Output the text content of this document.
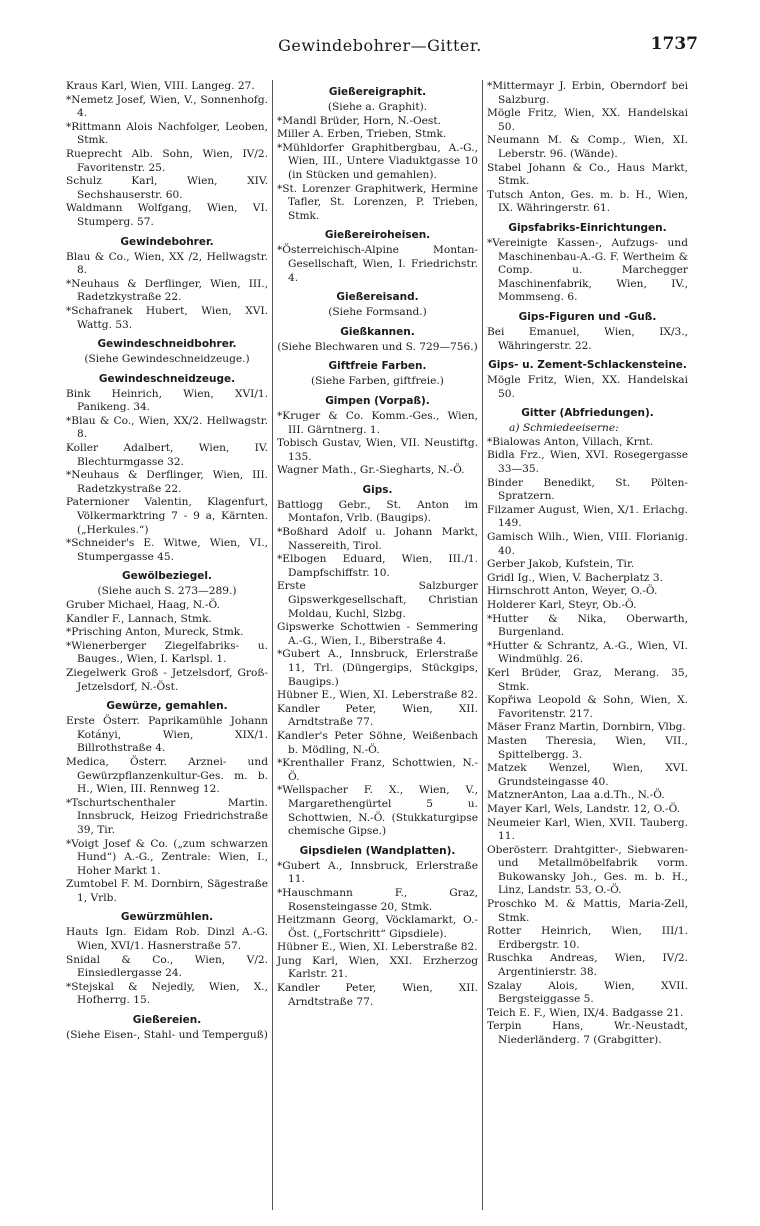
Gewindebohrer—Gitter.	1737
Kraus Karl, Wien, VIII. Langeg. 27.
*Nemetz Josef, Wien, V., Sonnenhofg. 4.
*Rittmann Alois Nachfolger, Leoben, Stmk.
Rueprecht Alb. Sohn, Wien, IV/2. Favoritenstr. 25.
Schulz Karl, Wien, XIV. Sechshauserstr. 60.
Waldmann Wolfgang, Wien, VI. Stumperg. 57.
Gewindebohrer.
Blau & Co., Wien, XX /2, Hellwagstr. 8.
*Neuhaus & Derflinger, Wien, III., Radetzkystraße 22.
*Schafranek Hubert, Wien, XVI. Wattg. 53.
Gewindeschneidbohrer.
(Siehe Gewindeschneidzeuge.)
Gewindeschneidzeuge.
Bink Heinrich, Wien, XVI/1. Panikeng. 34.
*Blau & Co., Wien, XX/2. Hellwagstr. 8.
Koller Adalbert, Wien, IV. Blechturmgasse 32.
*Neuhaus & Derflinger, Wien, III. Radetzkystraße 22.
Paternioner Valentin, Klagenfurt, Völkermarktring 7 - 9 a, Kärnten. („Herkules.“)
*Schneider's E. Witwe, Wien, VI., Stumpergasse 45.
Gewölbeziegel.
(Siehe auch S. 273—289.)
Gruber Michael, Haag, N.-Ö.
Kandler F., Lannach, Stmk.
*Prisching Anton, Mureck, Stmk.
*Wienerberger Ziegelfabriks- u. Bauges., Wien, I. Karlspl. 1.
Ziegelwerk Groß - Jetzelsdorf, Groß-Jetzelsdorf, N.-Öst.
Gewürze, gemahlen.
Erste Österr. Paprikamühle Johann Kotányi, Wien, XIX/1. Billrothstraße 4.
Medica, Österr. Arznei- und Gewürzpflanzenkultur-Ges. m. b. H., Wien, III. Rennweg 12.
*Tschurtschenthaler Martin. Innsbruck, Heizog Friedrichstraße 39, Tir.
*Voigt Josef & Co. („zum schwarzen Hund“) A.-G., Zentrale: Wien, I., Hoher Markt 1.
Zumtobel F. M. Dornbirn, Sägestraße 1, Vrlb.
Gewürzmühlen.
Hauts Ign. Eidam Rob. Dinzl A.-G. Wien, XVI/1. Hasnerstraße 57.
Snidal & Co., Wien, V/2. Einsiedlergasse 24.
*Stejskal & Nejedly, Wien, X., Hofherrg. 15.
Gießereien.
(Siehe Eisen-, Stahl- und Temperguß)
Gießereigraphit.
(Siehe a. Graphit).
*Mandl Brüder, Horn, N.-Oest.
Miller A. Erben, Trieben, Stmk.
*Mühldorfer Graphitbergbau, A.-G., Wien, III., Untere Viaduktgasse 10 (in Stücken und gemahlen).
*St. Lorenzer Graphitwerk, Hermine Tafler, St. Lorenzen, P. Trieben, Stmk.
Gießereiroheisen.
*Österreichisch-Alpine Montan-Gesellschaft, Wien, I. Friedrichstr. 4.
Gießereisand.
(Siehe Formsand.)
Gießkannen.
(Siehe Blechwaren und S. 729—756.)
Giftfreie Farben.
(Siehe Farben, giftfreie.)
Gimpen (Vorpaß).
*Kruger & Co. Komm.-Ges., Wien, III. Gärntnerg. 1.
Tobisch Gustav, Wien, VII. Neustiftg. 135.
Wagner Math., Gr.-Siegharts, N.-Ö.
Gips.
Battlogg Gebr., St. Anton im Montafon, Vrlb. (Baugips).
*Boßhard Adolf u. Johann Markt, Nassereith, Tirol.
*Elbogen Eduard, Wien, III./1. Dampfschiffstr. 10.
Erste Salzburger Gipswerkgesellschaft, Christian Moldau, Kuchl, Slzbg.
Gipswerke Schottwien - Semmering A.-G., Wien, I., Biberstraße 4.
*Gubert A., Innsbruck, Erlerstraße 11, Trl. (Düngergips, Stückgips, Baugips.)
Hübner E., Wien, XI. Leberstraße 82.
Kandler Peter, Wien, XII. Arndtstraße 77.
Kandler's Peter Söhne, Weißenbach b. Mödling, N.-Ö.
*Krenthaller Franz, Schottwien, N.-Ö.
*Wellspacher F. X., Wien, V., Margarethengürtel 5 u. Schottwien, N.-Ö. (Stukkaturgipse chemische Gipse.)
Gipsdielen (Wandplatten).
*Gubert A., Innsbruck, Erlerstraße 11.
*Hauschmann F., Graz, Rosensteingasse 20, Stmk.
Heitzmann Georg, Vöcklamarkt, O.-Öst. („Fortschritt“ Gipsdiele).
Hübner E., Wien, XI. Leberstraße 82.
Jung Karl, Wien, XXI. Erzherzog Karlstr. 21.
Kandler Peter, Wien, XII. Arndtstraße 77.
*Mittermayr J. Erbin, Oberndorf bei Salzburg.
Mögle Fritz, Wien, XX. Handelskai 50.
Neumann M. & Comp., Wien, XI. Leberstr. 96. (Wände).
Stabel Johann & Co., Haus Markt, Stmk.
Tutsch Anton, Ges. m. b. H., Wien, IX. Währingerstr. 61.
Gipsfabriks-Einrichtungen.
*Vereinigte Kassen-, Aufzugs- und Maschinenbau-A.-G. F. Wertheim & Comp. u. Marchegger Maschinenfabrik, Wien, IV., Mommseng. 6.
Gips-Figuren und -Guß.
Bei Emanuel, Wien, IX/3., Währingerstr. 22.
Gips- u. Zement-Schlackensteine.
Mögle Fritz, Wien, XX. Handelskai 50.
Gitter (Abfriedungen).
a) Schmiedeeiserne:
*Bialowas Anton, Villach, Krnt.
Bidla Frz., Wien, XVI. Rosegergasse 33—35.
Binder Benedikt, St. Pölten-Spratzern.
Filzamer August, Wien, X/1. Erlachg. 149.
Gamisch Wilh., Wien, VIII. Florianig. 40.
Gerber Jakob, Kufstein, Tir.
Gridl Ig., Wien, V. Bacherplatz 3.
Hirnschrott Anton, Weyer, O.-Ö.
Holderer Karl, Steyr, Ob.-Ö.
*Hutter & Nika, Oberwarth, Burgenland.
*Hutter & Schrantz, A.-G., Wien, VI. Windmühlg. 26.
Kerl Brüder, Graz, Merang. 35, Stmk.
Kopřiwa Leopold & Sohn, Wien, X. Favoritenstr. 217.
Mäser Franz Martin, Dornbirn, Vlbg.
Masten Theresia, Wien, VII., Spittelbergg. 3.
Matzek Wenzel, Wien, XVI. Grundsteingasse 40.
MatznerAnton, Laa a.d.Th., N.-Ö.
Mayer Karl, Wels, Landstr. 12, O.-Ö.
Neumeier Karl, Wien, XVII. Tauberg. 11.
Oberösterr. Drahtgitter-, Siebwaren- und Metallmöbelfabrik vorm. Bukowansky Joh., Ges. m. b. H., Linz, Landstr. 53, O.-Ö.
Proschko M. & Mattis, Maria-Zell, Stmk.
Rotter Heinrich, Wien, III/1. Erdbergstr. 10.
Ruschka Andreas, Wien, IV/2. Argentinierstr. 38.
Szalay Alois, Wien, XVII. Bergsteiggasse 5.
Teich E. F., Wien, IX/4. Badgasse 21.
Terpin Hans, Wr.-Neustadt, Niederländerg. 7 (Grabgitter).
